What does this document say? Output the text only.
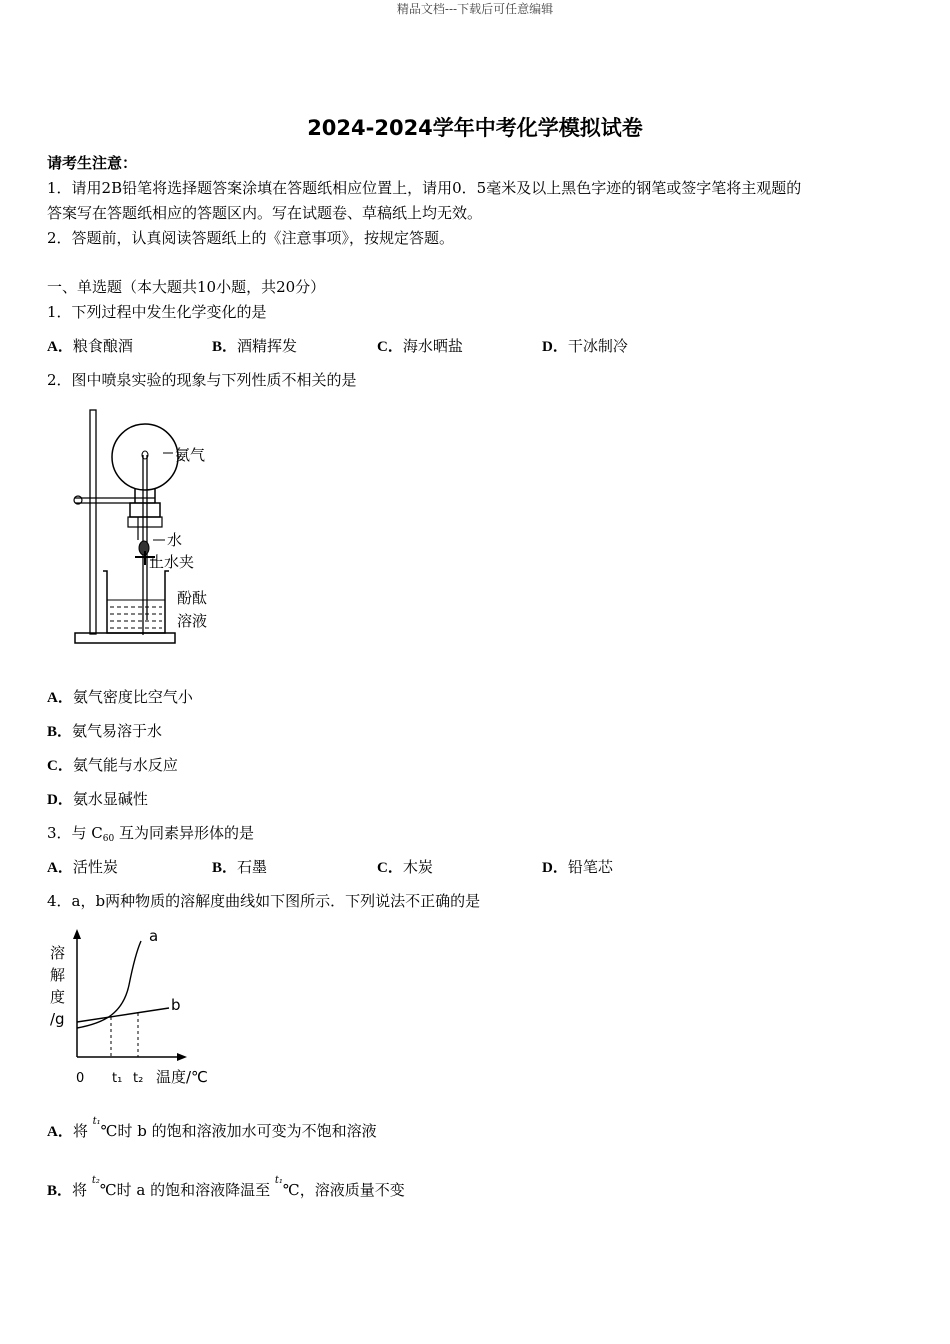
精品文档---下载后可任意编辑
2024-2024学年中考化学模拟试卷
请考生注意：
1．请用2B铅笔将选择题答案涂填在答题纸相应位置上，请用0．5毫米及以上黑色字迹的钢笔或签字笔将主观题的
答案写在答题纸相应的答题区内。写在试题卷、草稿纸上均无效。
2．答题前，认真阅读答题纸上的《注意事项》，按规定答题。
一、单选题（本大题共10小题，共20分）
1．下列过程中发生化学变化的是
A．粮食酿酒	B．酒精挥发	C．海水晒盐	D．干冰制冷
2．图中喷泉实验的现象与下列性质不相关的是
氨气
水
止水夹
酚酞
溶液
A．氨气密度比空气小
B．氨气易溶于水
C．氨气能与水反应
D．氨水显碱性
3．与 $C_{60}$ 互为同素异形体的是
A．活性炭	B．石墨	C．木炭	D．铅笔芯
4．a，b两种物质的溶解度曲线如下图所示．下列说法不正确的是
溶
解
度
/g
0 t₁ t₂ 温度/℃
a
b
A．将 $^{t_1}$℃时 b 的饱和溶液加水可变为不饱和溶液
B．将 $^{t_2}$℃时 a 的饱和溶液降温至 $^{t_1}$℃，溶液质量不变
